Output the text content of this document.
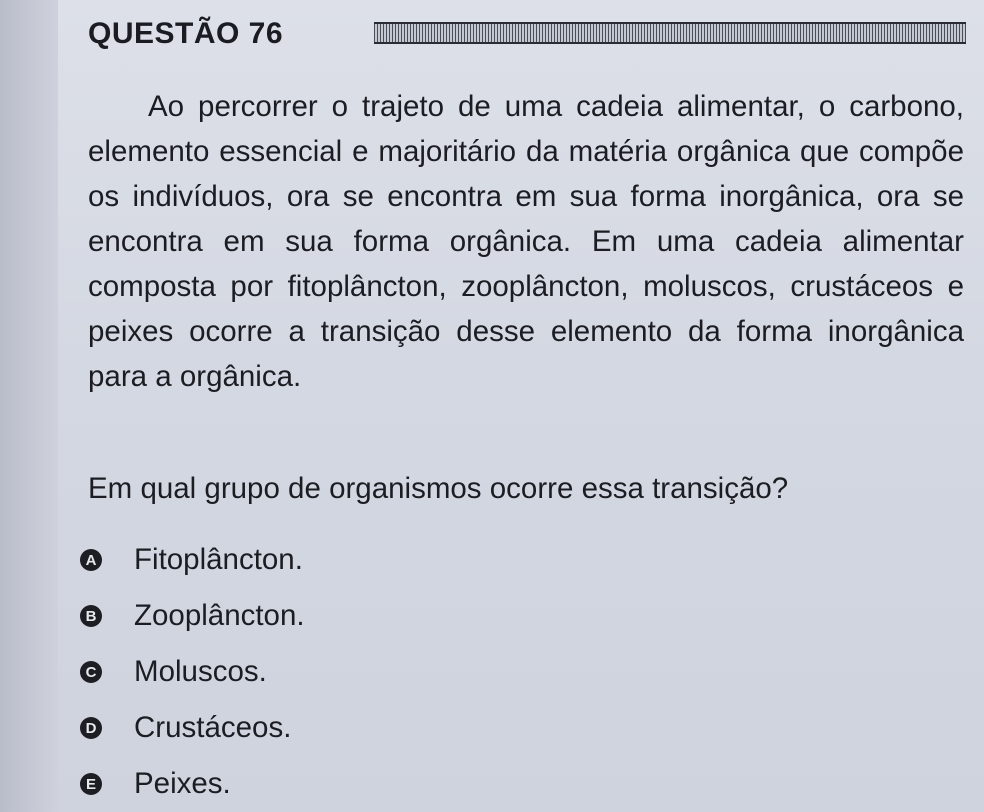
QUESTÃO 76

Ao percorrer o trajeto de uma cadeia alimentar, o carbono, elemento essencial e majoritário da matéria orgânica que compõe os indivíduos, ora se encontra em sua forma inorgânica, ora se encontra em sua forma orgânica. Em uma cadeia alimentar composta por fitoplâncton, zooplâncton, moluscos, crustáceos e peixes ocorre a transição desse elemento da forma inorgânica para a orgânica.

Em qual grupo de organismos ocorre essa transição?

A Fitoplâncton.
B Zooplâncton.
C Moluscos.
D Crustáceos.
E Peixes.
